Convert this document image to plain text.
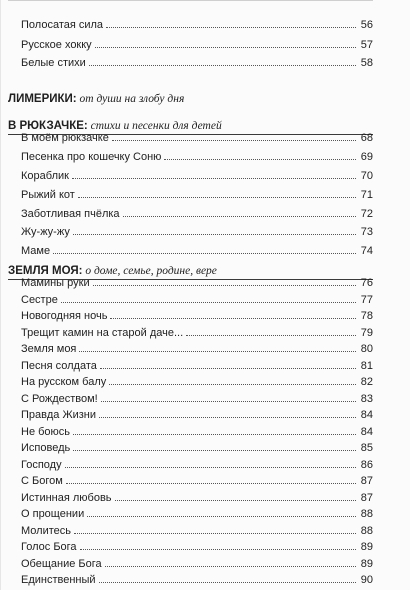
Полосатая сила	56
Русское хокку	57
Белые стихи	58
ЛИМЕРИКИ: от души на злобу дня
В РЮКЗАЧКЕ: стихи и песенки для детей
В моём рюкзачке	68
Песенка про кошечку Соню	69
Кораблик	70
Рыжий кот	71
Заботливая пчёлка	72
Жу-жу-жу	73
Маме	74
ЗЕМЛЯ МОЯ: о доме, семье, родине, вере
Мамины руки	76
Сестре	77
Новогодняя ночь	78
Трещит камин на старой даче...	79
Земля моя	80
Песня солдата	81
На русском балу	82
С Рождеством!	83
Правда Жизни	84
Не боюсь	84
Исповедь	85
Господу	86
С Богом	87
Истинная любовь	87
О прощении	88
Молитесь	88
Голос Бога	89
Обещание Бога	89
Единственный	90
